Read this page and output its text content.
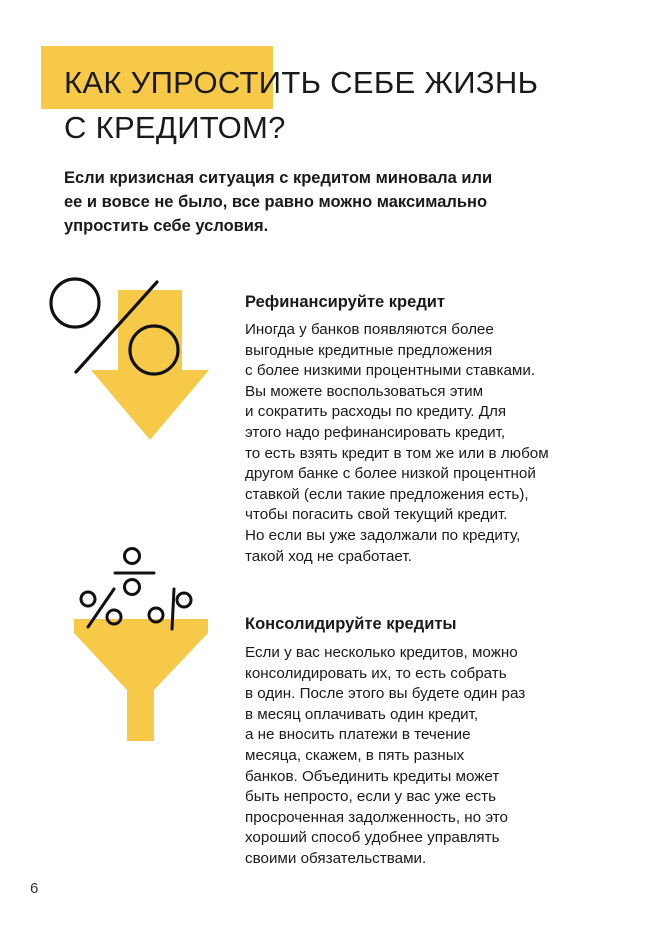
КАК УПРОСТИТЬ СЕБЕ ЖИЗНЬ
С КРЕДИТОМ?

Если кризисная ситуация с кредитом миновала или
ее и вовсе не было, все равно можно максимально
упростить себе условия.

Рефинансируйте кредит

Иногда у банков появляются более
выгодные кредитные предложения
с более низкими процентными ставками.
Вы можете воспользоваться этим
и сократить расходы по кредиту. Для
этого надо рефинансировать кредит,
то есть взять кредит в том же или в любом
другом банке с более низкой процентной
ставкой (если такие предложения есть),
чтобы погасить свой текущий кредит.
Но если вы уже задолжали по кредиту,
такой ход не сработает.

Консолидируйте кредиты

Если у вас несколько кредитов, можно
консолидировать их, то есть собрать
в один. После этого вы будете один раз
в месяц оплачивать один кредит,
а не вносить платежи в течение
месяца, скажем, в пять разных
банков. Объединить кредиты может
быть непросто, если у вас уже есть
просроченная задолженность, но это
хороший способ удобнее управлять
своими обязательствами.

6
